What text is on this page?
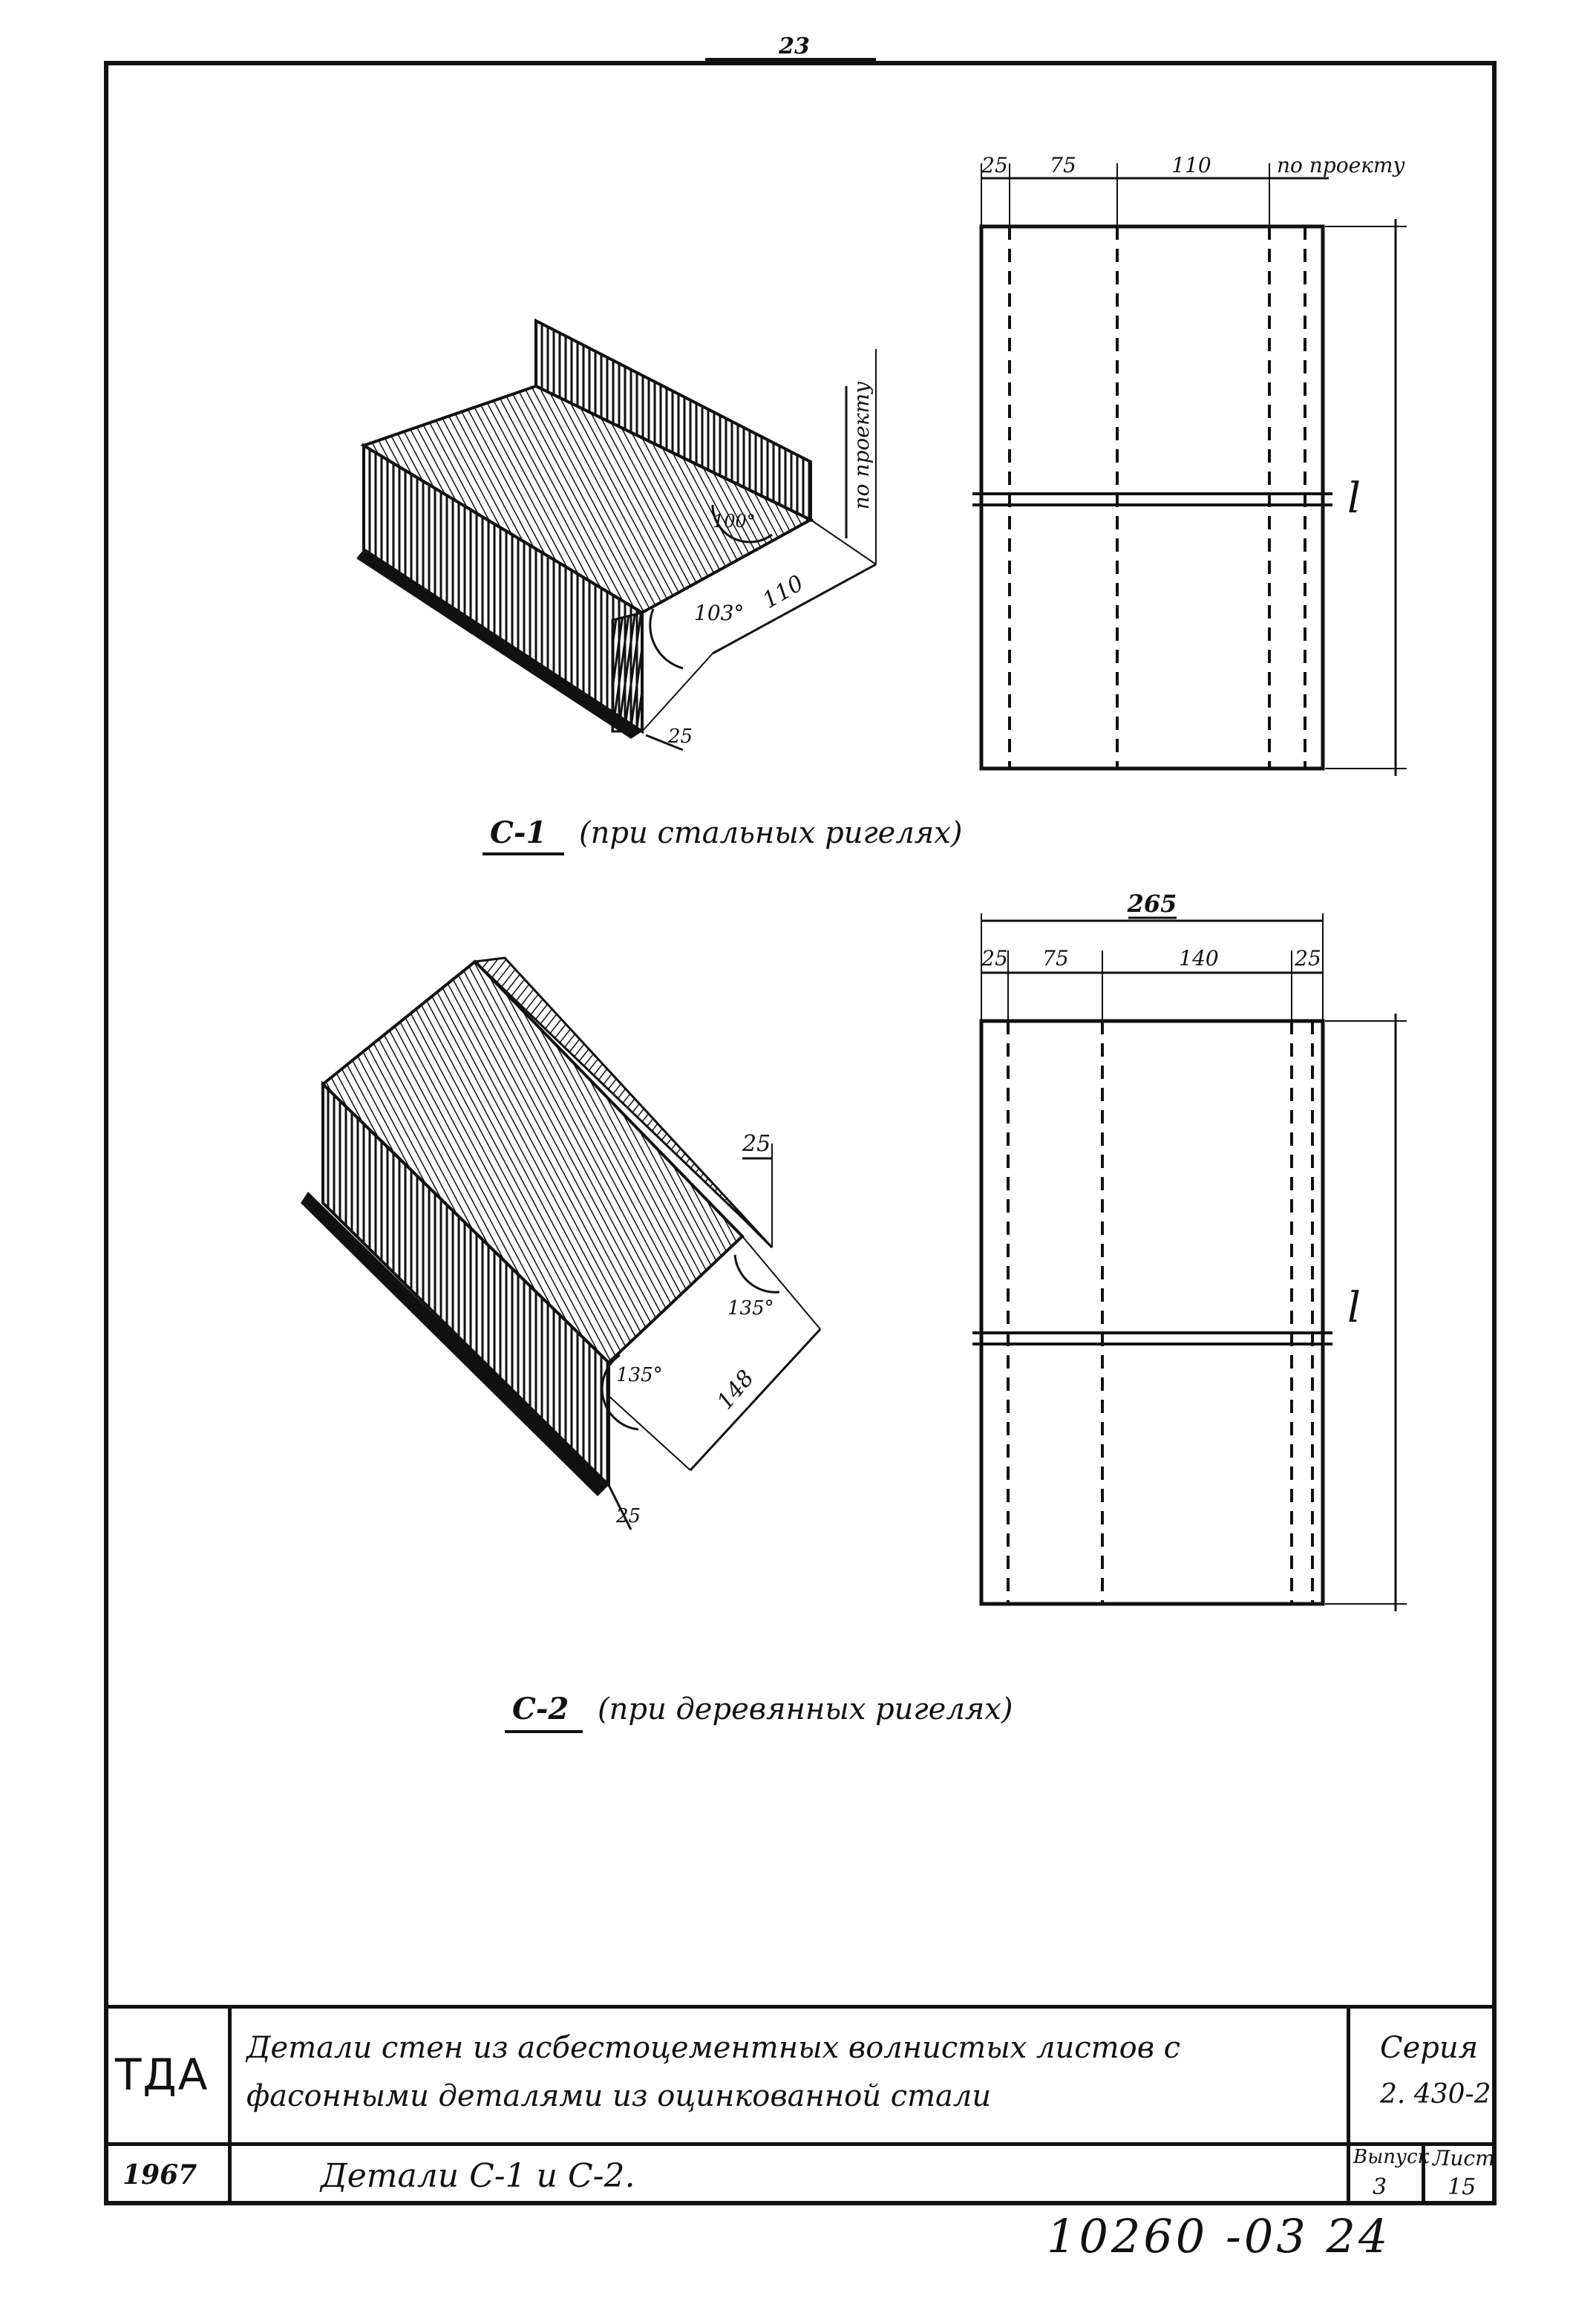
23
по проекту
100°
103° 110
25
25 75	110	по проекту
l
С-1 (при стальных ригелях)
25
135°
135° 148
25
265
25 75	140	25
l
С-2 (при деревянных ригелях)
ТДА
Детали стен из асбестоцементных волнистых листов с
фасонными деталями из оцинкованной стали
Серия
2. 430-2
1967	Детали С-1 и С-2.	Выпуск
3
Лист
15
10260 -03 24
